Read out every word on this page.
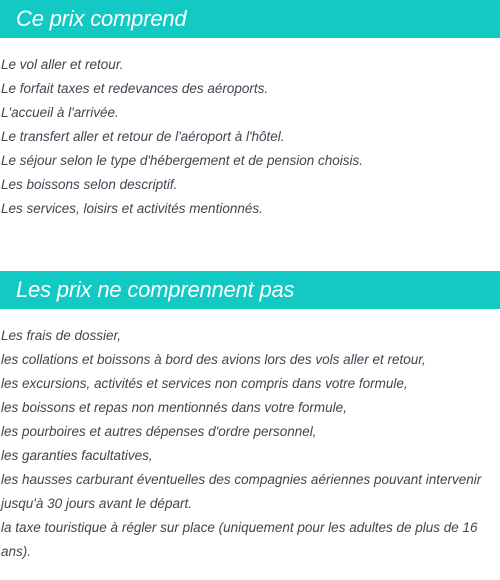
Ce prix comprend
Le vol aller et retour.
Le forfait taxes et redevances des aéroports.
L'accueil à l'arrivée.
Le transfert aller et retour de l'aéroport à l'hôtel.
Le séjour selon le type d'hébergement et de pension choisis.
Les boissons selon descriptif.
Les services, loisirs et activités mentionnés.
Les prix ne comprennent pas
Les frais de dossier,
les collations et boissons à bord des avions lors des vols aller et retour,
les excursions, activités et services non compris dans votre formule,
les boissons et repas non mentionnés dans votre formule,
les pourboires et autres dépenses d'ordre personnel,
les garanties facultatives,
les hausses carburant éventuelles des compagnies aériennes pouvant intervenir jusqu'à 30 jours avant le départ.
la taxe touristique à régler sur place (uniquement pour les adultes de plus de 16 ans).
